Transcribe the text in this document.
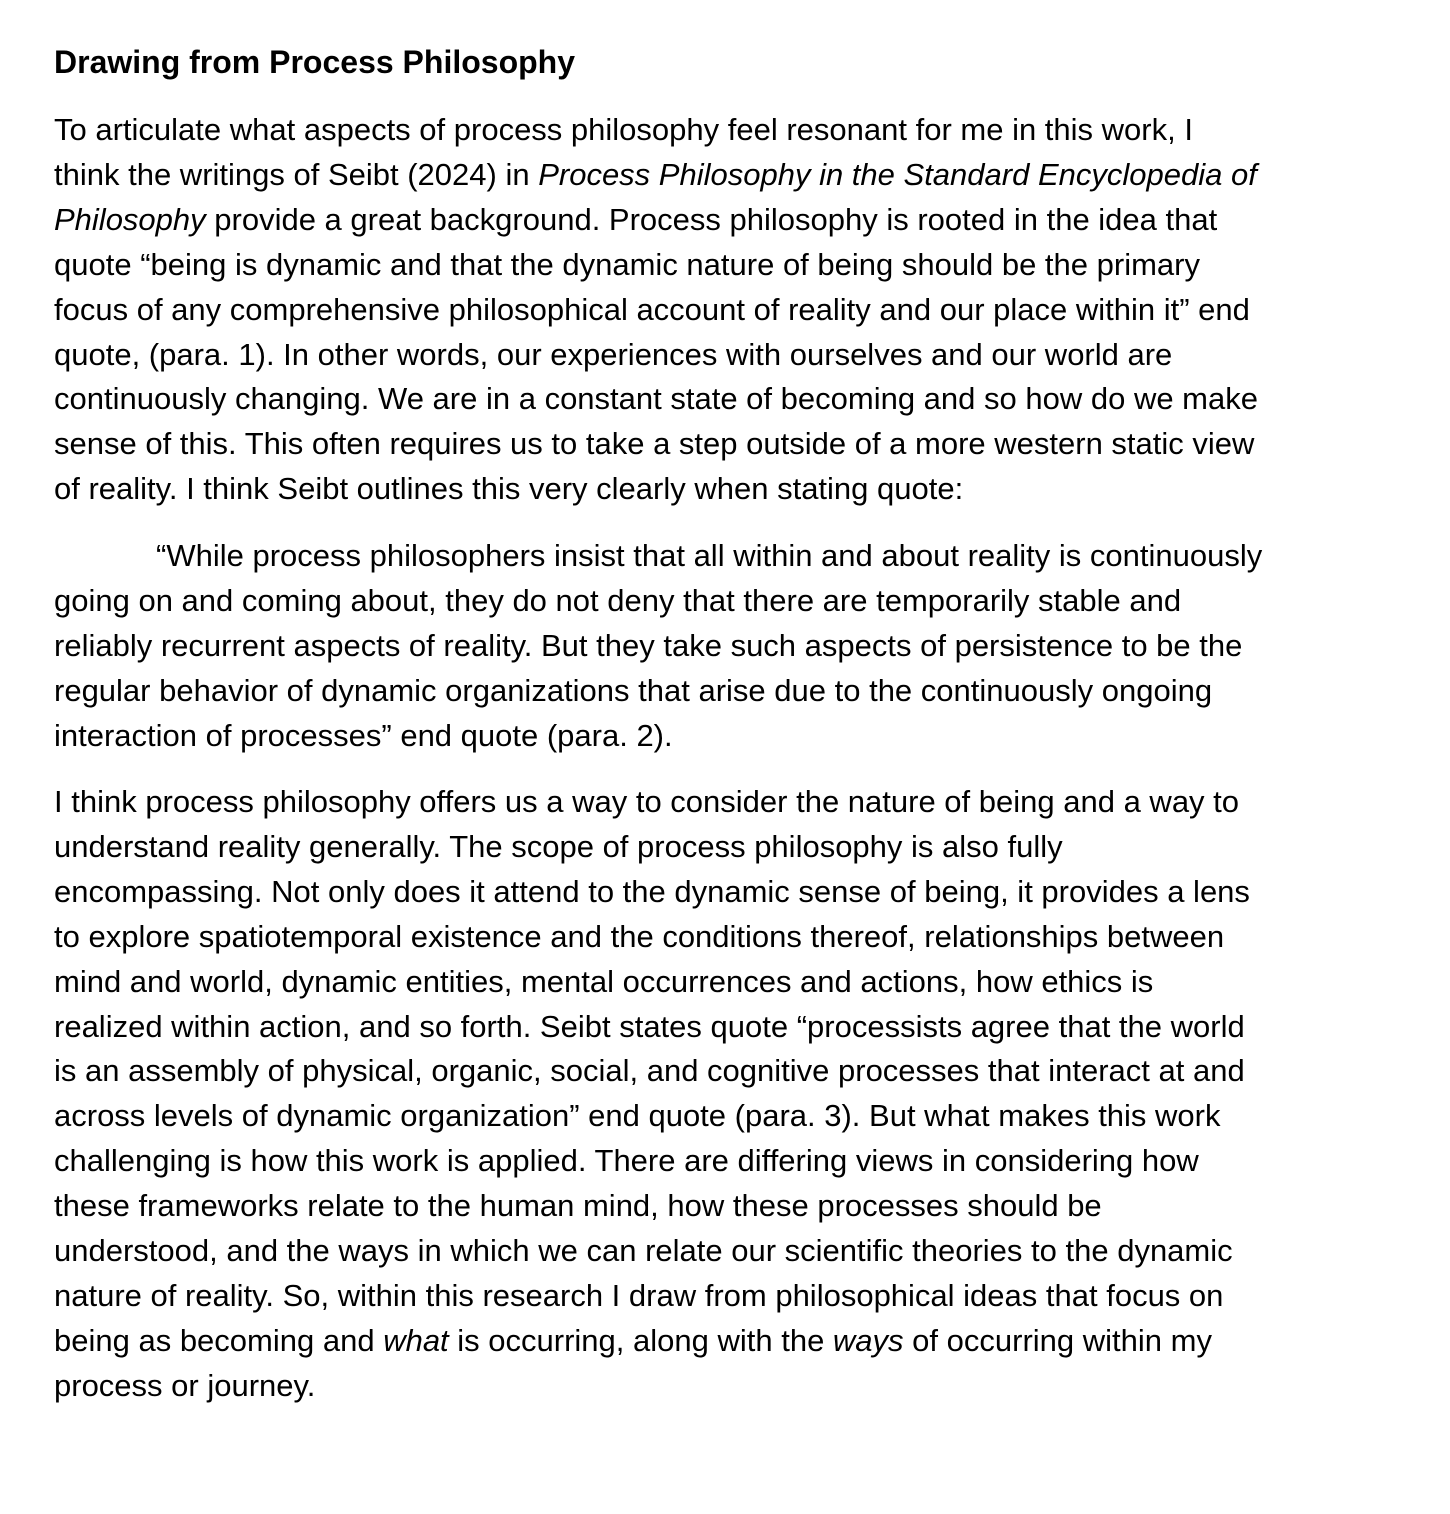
Drawing from Process Philosophy

To articulate what aspects of process philosophy feel resonant for me in this work, I
think the writings of Seibt (2024) in Process Philosophy in the Standard Encyclopedia of
Philosophy provide a great background. Process philosophy is rooted in the idea that
quote “being is dynamic and that the dynamic nature of being should be the primary
focus of any comprehensive philosophical account of reality and our place within it” end
quote, (para. 1). In other words, our experiences with ourselves and our world are
continuously changing. We are in a constant state of becoming and so how do we make
sense of this. This often requires us to take a step outside of a more western static view
of reality. I think Seibt outlines this very clearly when stating quote:

“While process philosophers insist that all within and about reality is continuously
going on and coming about, they do not deny that there are temporarily stable and
reliably recurrent aspects of reality. But they take such aspects of persistence to be the
regular behavior of dynamic organizations that arise due to the continuously ongoing
interaction of processes” end quote (para. 2).

I think process philosophy offers us a way to consider the nature of being and a way to
understand reality generally. The scope of process philosophy is also fully
encompassing. Not only does it attend to the dynamic sense of being, it provides a lens
to explore spatiotemporal existence and the conditions thereof, relationships between
mind and world, dynamic entities, mental occurrences and actions, how ethics is
realized within action, and so forth. Seibt states quote “processists agree that the world
is an assembly of physical, organic, social, and cognitive processes that interact at and
across levels of dynamic organization” end quote (para. 3). But what makes this work
challenging is how this work is applied. There are differing views in considering how
these frameworks relate to the human mind, how these processes should be
understood, and the ways in which we can relate our scientific theories to the dynamic
nature of reality. So, within this research I draw from philosophical ideas that focus on
being as becoming and what is occurring, along with the ways of occurring within my
process or journey.
